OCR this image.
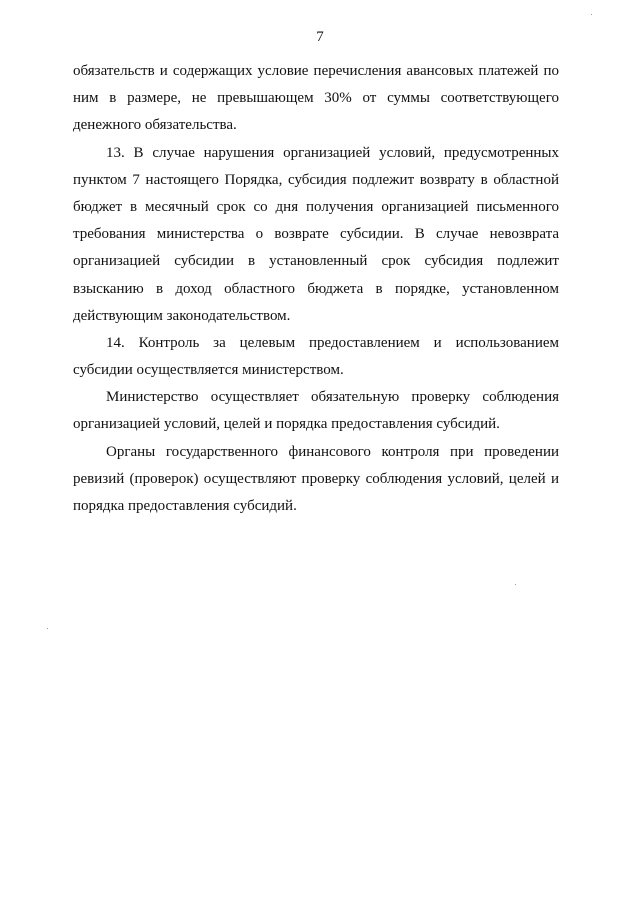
7
обязательств и содержащих условие перечисления авансовых платежей по
ним в размере, не превышающем 30% от суммы соответствующего
денежного обязательства.
13. В случае нарушения организацией условий, предусмотренных
пунктом 7 настоящего Порядка, субсидия подлежит возврату в областной
бюджет в месячный срок со дня получения организацией письменного
требования министерства о возврате субсидии. В случае невозврата
организацией субсидии в установленный срок субсидия подлежит
взысканию в доход областного бюджета в порядке, установленном
действующим законодательством.
14. Контроль за целевым предоставлением и использованием
субсидии осуществляется министерством.
Министерство осуществляет обязательную проверку соблюдения
организацией условий, целей и порядка предоставления субсидий.
Органы государственного финансового контроля при проведении
ревизий (проверок) осуществляют проверку соблюдения условий, целей и
порядка предоставления субсидий.
